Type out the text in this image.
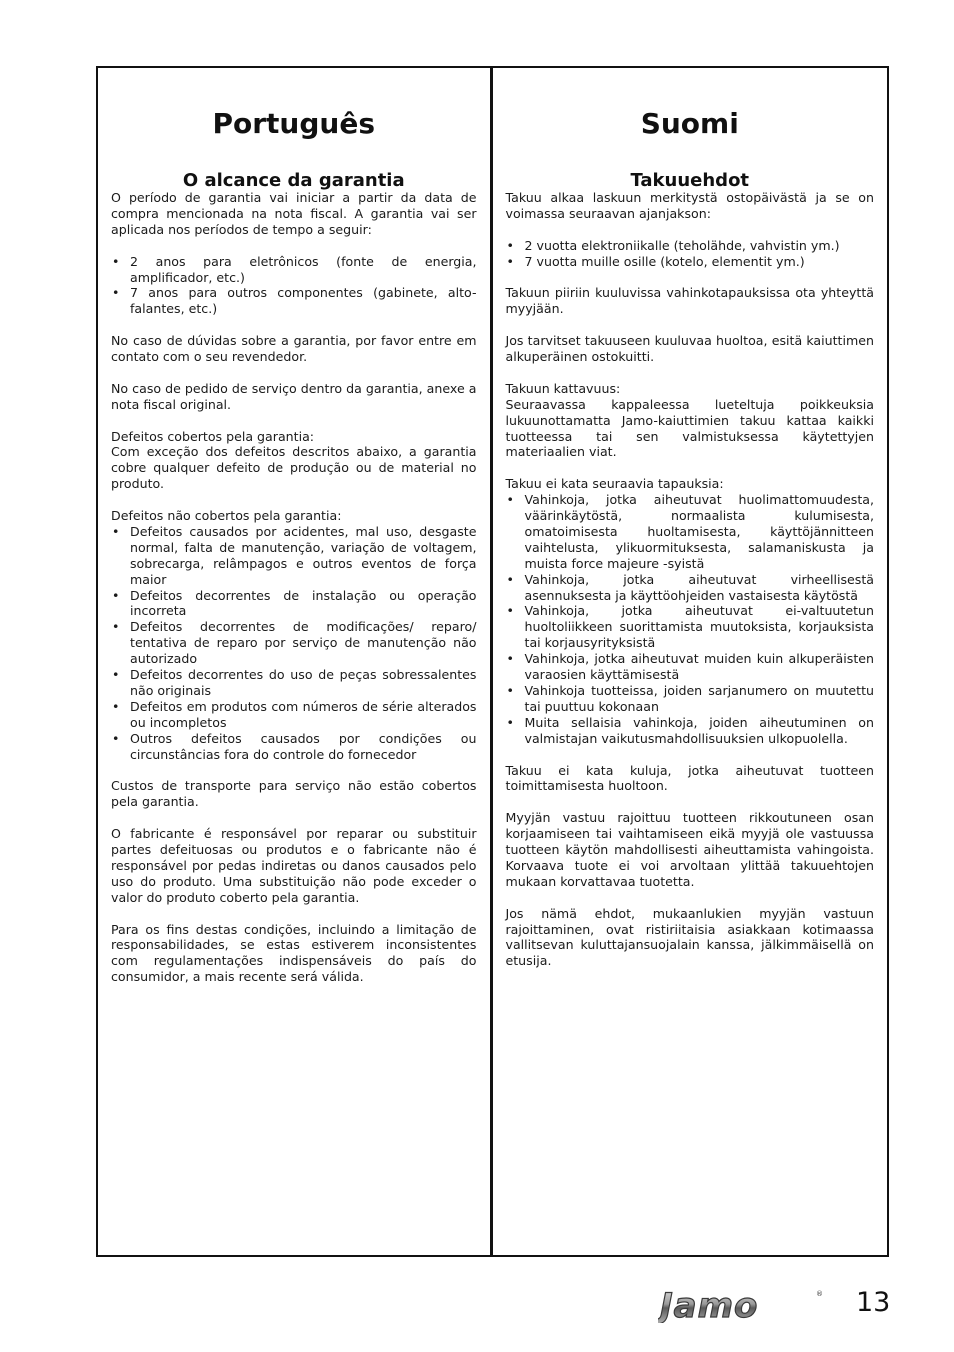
Português
O alcance da garantia

O período de garantia vai iniciar a partir da data de compra mencionada na nota fiscal. A garantia vai ser aplicada nos períodos de tempo a seguir:

• 2 anos para eletrônicos (fonte de energia, amplificador, etc.)
• 7 anos para outros componentes (gabinete, alto-falantes, etc.)

No caso de dúvidas sobre a garantia, por favor entre em contato com o seu revendedor.

No caso de pedido de serviço dentro da garantia, anexe a nota fiscal original.

Defeitos cobertos pela garantia:

Com exceção dos defeitos descritos abaixo, a garantia cobre qualquer defeito de produção ou de material no produto.

Defeitos não cobertos pela garantia:

• Defeitos causados por acidentes, mal uso, desgaste normal, falta de manutenção, variação de voltagem, sobrecarga, relâmpagos e outros eventos de força maior
• Defeitos decorrentes de instalação ou operação incorreta
• Defeitos decorrentes de modificações/ reparo/ tentativa de reparo por serviço de manutenção não autorizado
• Defeitos decorrentes do uso de peças sobressalentes não originais
• Defeitos em produtos com números de série alterados ou incompletos
• Outros defeitos causados por condições ou circunstâncias fora do controle do fornecedor

Custos de transporte para serviço não estão cobertos pela garantia.

O fabricante é responsável por reparar ou substituir partes defeituosas ou produtos e o fabricante não é responsável por pedas indiretas ou danos causados pelo uso do produto. Uma substituição não pode exceder o valor do produto coberto pela garantia.

Para os fins destas condições, incluindo a limitação de responsabilidades, se estas estiverem inconsistentes com regulamentações indispensáveis do país do consumidor, a mais recente será válida.

Suomi
Takuuehdot

Takuu alkaa laskuun merkitystä ostopäivästä ja se on voimassa seuraavan ajanjakson:

• 2 vuotta elektroniikalle (teholähde, vahvistin ym.)
• 7 vuotta muille osille (kotelo, elementit ym.)

Takuun piiriin kuuluvissa vahinkotapauksissa ota yhteyttä myyjään.

Jos tarvitset takuuseen kuuluvaa huoltoa, esitä kaiuttimen alkuperäinen ostokuitti.

Takuun kattavuus:

Seuraavassa kappaleessa lueteltuja poikkeuksia lukuunottamatta Jamo-kaiuttimien takuu kattaa kaikki tuotteessa tai sen valmistuksessa käytettyjen materiaalien viat.

Takuu ei kata seuraavia tapauksia:

• Vahinkoja, jotka aiheutuvat huolimattomuudesta, väärinkäytöstä, normaalista kulumisesta, omatoimisesta huoltamisesta, käyttöjännitteen vaihtelusta, ylikuormituksesta, salamaniskusta ja muista force majeure -syistä
• Vahinkoja, jotka aiheutuvat virheellisestä asennuksesta ja käyttöohjeiden vastaisesta käytöstä
• Vahinkoja, jotka aiheutuvat ei-valtuutetun huoltoliikkeen suorittamista muutoksista, korjauksista tai korjausyrityksistä
• Vahinkoja, jotka aiheutuvat muiden kuin alkuperäisten varaosien käyttämisestä
• Vahinkoja tuotteissa, joiden sarjanumero on muutettu tai puuttuu kokonaan
• Muita sellaisia vahinkoja, joiden aiheutuminen on valmistajan vaikutusmahdollisuuksien ulkopuolella.

Takuu ei kata kuluja, jotka aiheutuvat tuotteen toimittamisesta huoltoon.

Myyjän vastuu rajoittuu tuotteen rikkoutuneen osan korjaamiseen tai vaihtamiseen eikä myyjä ole vastuussa tuotteen käytön mahdollisesti aiheuttamista vahingoista. Korvaava tuote ei voi arvoltaan ylittää takuuehtojen mukaan korvattavaa tuotetta.

Jos nämä ehdot, mukaanlukien myyjän vastuun rajoittaminen, ovat ristiriitaisia asiakkaan kotimaassa vallitsevan kuluttajansuojalain kanssa, jälkimmäisellä on etusija.

Jamo	® 13
